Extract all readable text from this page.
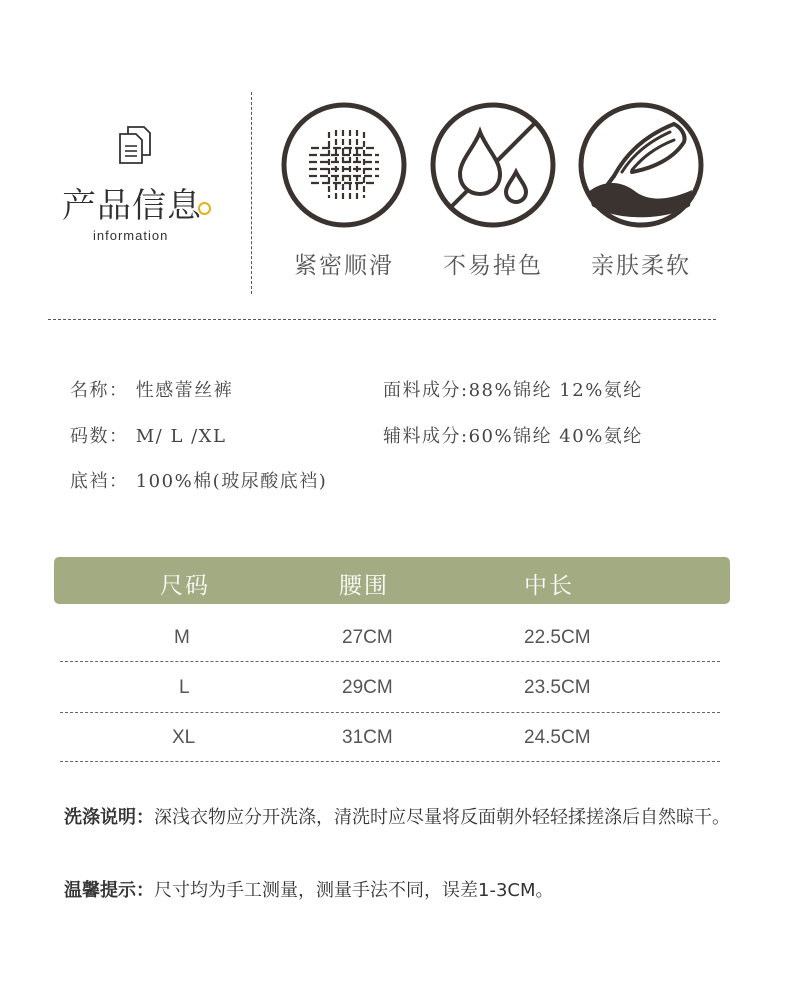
产品信息
information
紧密顺滑	不易掉色	亲肤柔软
名称： 性感蕾丝裤	面料成分:88%锦纶 12%氨纶
码数： M/ L /XL	辅料成分:60%锦纶 40%氨纶
底裆： 100%棉(玻尿酸底裆)
尺码	腰围	中长
M	27CM	22.5CM
L	29CM	23.5CM
XL	31CM	24.5CM
洗涤说明：深浅衣物应分开洗涤，清洗时应尽量将反面朝外轻轻揉搓涤后自然晾干。
温馨提示：尺寸均为手工测量，测量手法不同，误差1-3CM。
